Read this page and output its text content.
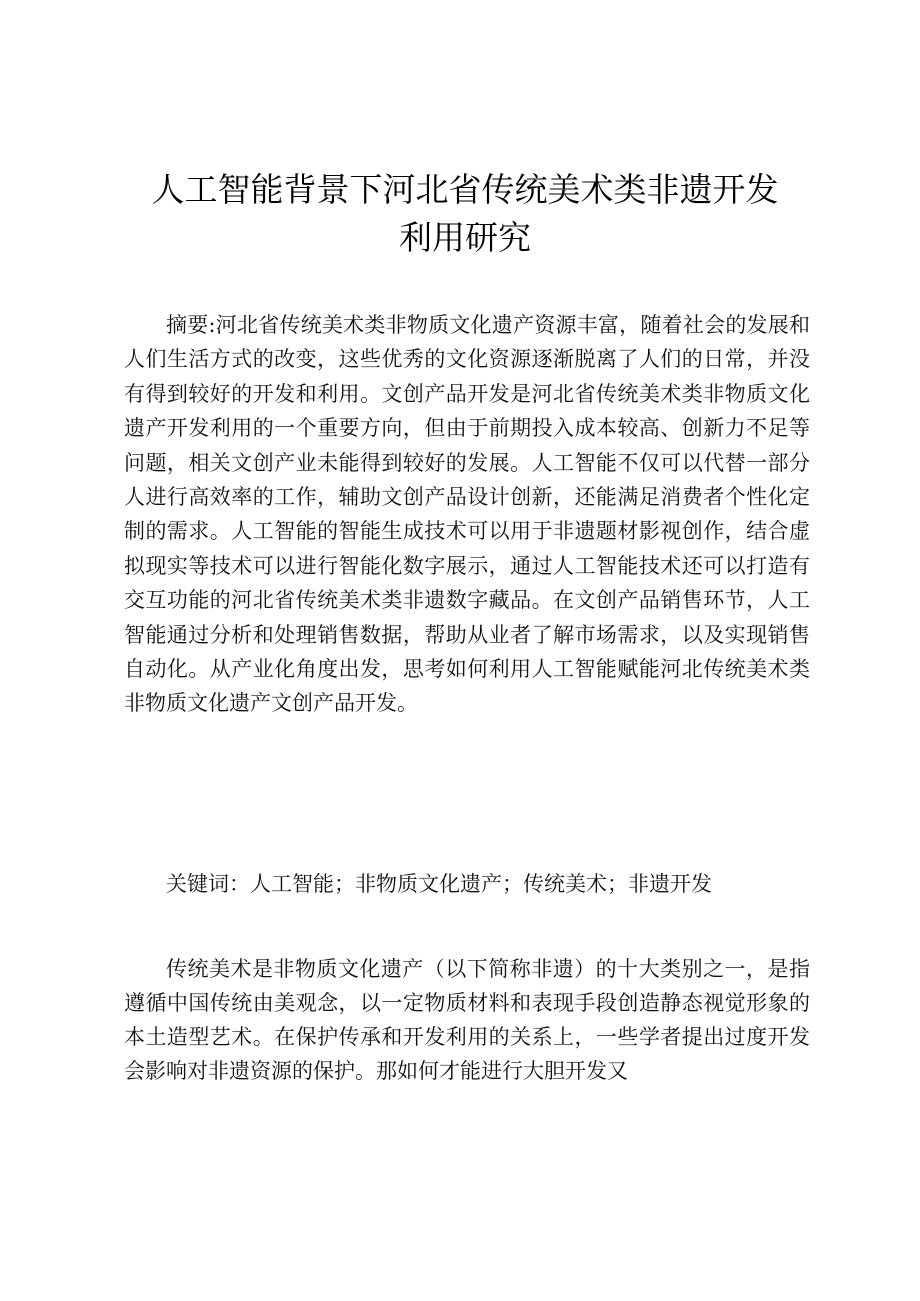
人工智能背景下河北省传统美术类非遗开发利用研究

摘要:河北省传统美术类非物质文化遗产资源丰富，随着社会的发展和人们生活方式的改变，这些优秀的文化资源逐渐脱离了人们的日常，并没有得到较好的开发和利用。文创产品开发是河北省传统美术类非物质文化遗产开发利用的一个重要方向，但由于前期投入成本较高、创新力不足等问题，相关文创产业未能得到较好的发展。人工智能不仅可以代替一部分人进行高效率的工作，辅助文创产品设计创新，还能满足消费者个性化定制的需求。人工智能的智能生成技术可以用于非遗题材影视创作，结合虚拟现实等技术可以进行智能化数字展示，通过人工智能技术还可以打造有交互功能的河北省传统美术类非遗数字藏品。在文创产品销售环节，人工智能通过分析和处理销售数据，帮助从业者了解市场需求，以及实现销售自动化。从产业化角度出发，思考如何利用人工智能赋能河北传统美术类非物质文化遗产文创产品开发。

关键词：人工智能；非物质文化遗产；传统美术；非遗开发

传统美术是非物质文化遗产（以下简称非遗）的十大类别之一，是指遵循中国传统由美观念，以一定物质材料和表现手段创造静态视觉形象的本土造型艺术。在保护传承和开发利用的关系上，一些学者提出过度开发会影响对非遗资源的保护。那如何才能进行大胆开发又
